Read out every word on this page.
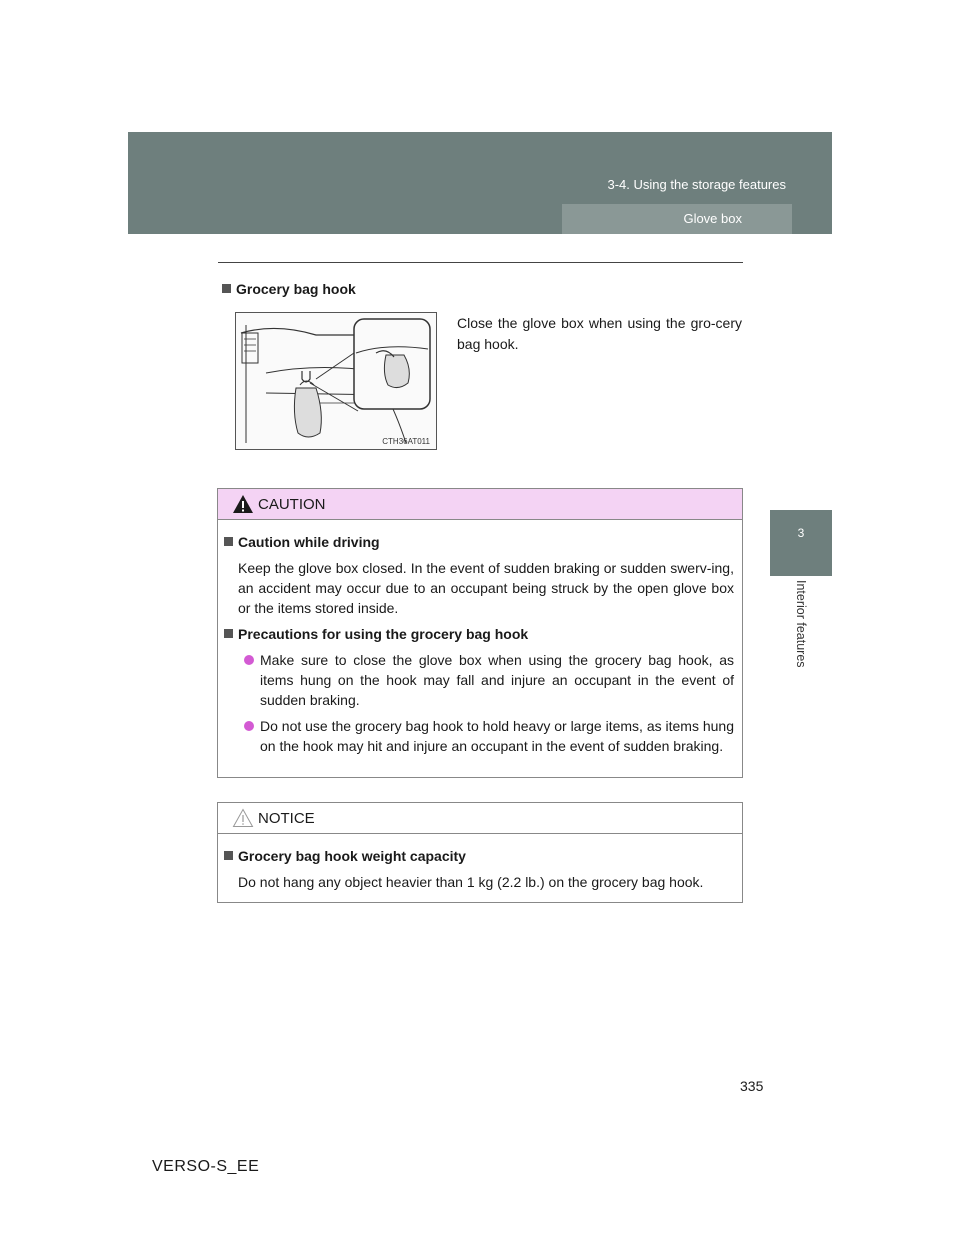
3-4. Using the storage features
Glove box
3
Interior features
Grocery bag hook
CTH36AT011
Close the glove box when using the gro-cery bag hook.
CAUTION
Caution while driving
Keep the glove box closed. In the event of sudden braking or sudden swerv-ing, an accident may occur due to an occupant being struck by the open glove box or the items stored inside.
Precautions for using the grocery bag hook
Make sure to close the glove box when using the grocery bag hook, as items hung on the hook may fall and injure an occupant in the event of sudden braking.
Do not use the grocery bag hook to hold heavy or large items, as items hung on the hook may hit and injure an occupant in the event of sudden braking.
NOTICE
Grocery bag hook weight capacity
Do not hang any object heavier than 1 kg (2.2 lb.) on the grocery bag hook.
335
VERSO-S_EE
